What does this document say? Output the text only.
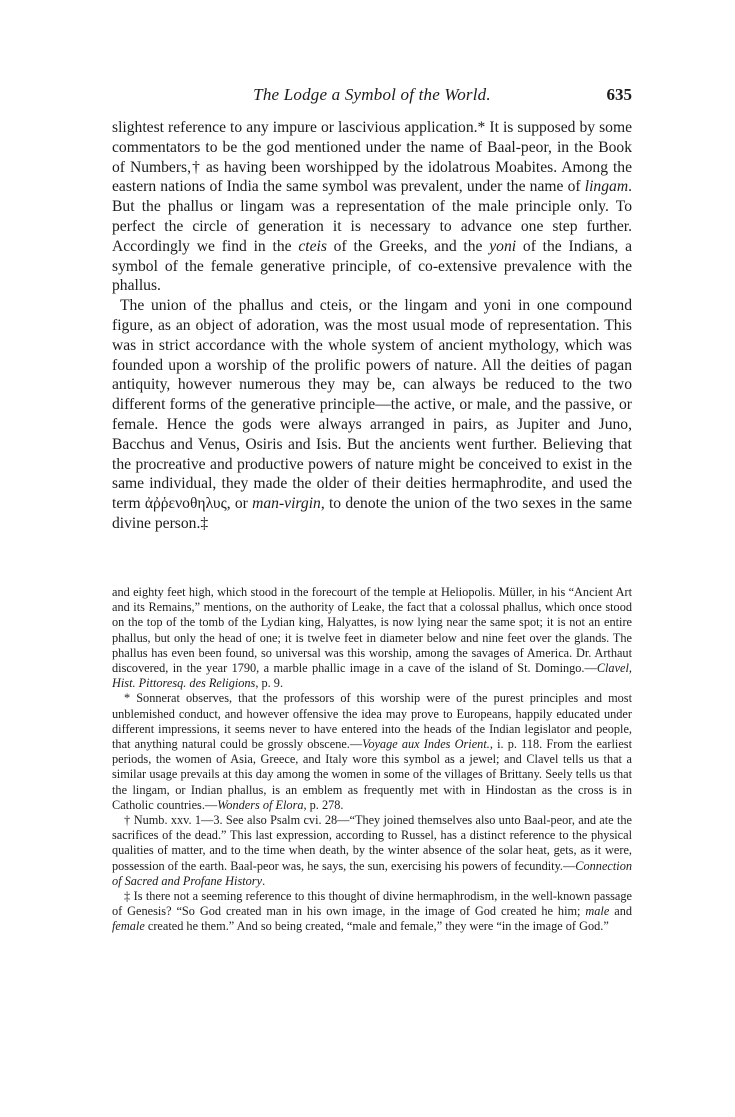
The Lodge a Symbol of the World.	635

slightest reference to any impure or lascivious application.* It is supposed by some commentators to be the god mentioned under the name of Baal-peor, in the Book of Numbers,† as having been worshipped by the idolatrous Moabites. Among the eastern nations of India the same symbol was prevalent, under the name of lingam. But the phallus or lingam was a representation of the male principle only. To perfect the circle of generation it is necessary to advance one step further. Accordingly we find in the cteis of the Greeks, and the yoni of the Indians, a symbol of the female generative principle, of co-extensive prevalence with the phallus.

The union of the phallus and cteis, or the lingam and yoni in one compound figure, as an object of adoration, was the most usual mode of representation. This was in strict accordance with the whole system of ancient mythology, which was founded upon a worship of the prolific powers of nature. All the deities of pagan antiquity, however numerous they may be, can always be reduced to the two different forms of the generative principle—the active, or male, and the passive, or female. Hence the gods were always arranged in pairs, as Jupiter and Juno, Bacchus and Venus, Osiris and Isis. But the ancients went further. Believing that the procreative and productive powers of nature might be conceived to exist in the same individual, they made the older of their deities hermaphrodite, and used the term ἀῤῥενοθηλυς, or man-virgin, to denote the union of the two sexes in the same divine person.‡

and eighty feet high, which stood in the forecourt of the temple at Heliopolis. Müller, in his “Ancient Art and its Remains,” mentions, on the authority of Leake, the fact that a colossal phallus, which once stood on the top of the tomb of the Lydian king, Halyattes, is now lying near the same spot; it is not an entire phallus, but only the head of one; it is twelve feet in diameter below and nine feet over the glands. The phallus has even been found, so universal was this worship, among the savages of America. Dr. Arthaut discovered, in the year 1790, a marble phallic image in a cave of the island of St. Domingo.—Clavel, Hist. Pittoresq. des Religions, p. 9.

* Sonnerat observes, that the professors of this worship were of the purest principles and most unblemished conduct, and however offensive the idea may prove to Europeans, happily educated under different impressions, it seems never to have entered into the heads of the Indian legislator and people, that anything natural could be grossly obscene.—Voyage aux Indes Orient., i. p. 118. From the earliest periods, the women of Asia, Greece, and Italy wore this symbol as a jewel; and Clavel tells us that a similar usage prevails at this day among the women in some of the villages of Brittany. Seely tells us that the lingam, or Indian phallus, is an emblem as frequently met with in Hindostan as the cross is in Catholic countries.—Wonders of Elora, p. 278.

† Numb. xxv. 1—3. See also Psalm cvi. 28—“They joined themselves also unto Baal-peor, and ate the sacrifices of the dead.” This last expression, according to Russel, has a distinct reference to the physical qualities of matter, and to the time when death, by the winter absence of the solar heat, gets, as it were, possession of the earth. Baal-peor was, he says, the sun, exercising his powers of fecundity.—Connection of Sacred and Profane History.

‡ Is there not a seeming reference to this thought of divine hermaphrodism, in the well-known passage of Genesis? “So God created man in his own image, in the image of God created he him; male and female created he them.” And so being created, “male and female,” they were “in the image of God.”
